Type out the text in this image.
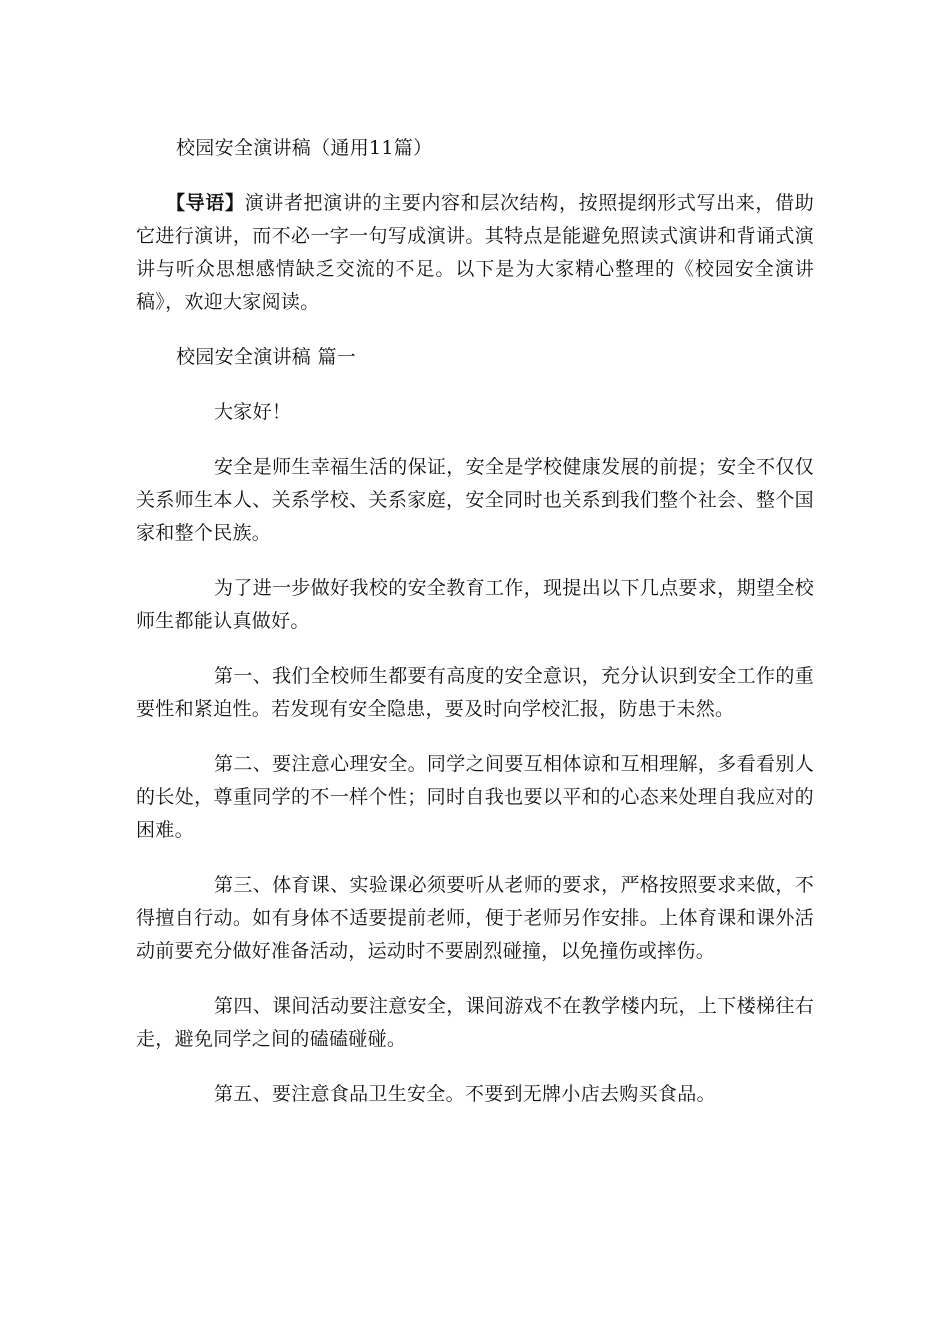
校园安全演讲稿（通用11篇）

【导语】演讲者把演讲的主要内容和层次结构，按照提纲形式写出来，借助它进行演讲，而不必一字一句写成演讲。其特点是能避免照读式演讲和背诵式演讲与听众思想感情缺乏交流的不足。以下是为大家精心整理的《校园安全演讲稿》，欢迎大家阅读。

校园安全演讲稿 篇一

大家好！

安全是师生幸福生活的保证，安全是学校健康发展的前提；安全不仅仅关系师生本人、关系学校、关系家庭，安全同时也关系到我们整个社会、整个国家和整个民族。

为了进一步做好我校的安全教育工作，现提出以下几点要求，期望全校师生都能认真做好。

第一、我们全校师生都要有高度的安全意识，充分认识到安全工作的重要性和紧迫性。若发现有安全隐患，要及时向学校汇报，防患于未然。

第二、要注意心理安全。同学之间要互相体谅和互相理解，多看看别人的长处，尊重同学的不一样个性；同时自我也要以平和的心态来处理自我应对的困难。

第三、体育课、实验课必须要听从老师的要求，严格按照要求来做，不得擅自行动。如有身体不适要提前老师，便于老师另作安排。上体育课和课外活动前要充分做好准备活动，运动时不要剧烈碰撞，以免撞伤或摔伤。

第四、课间活动要注意安全，课间游戏不在教学楼内玩，上下楼梯往右走，避免同学之间的磕磕碰碰。

第五、要注意食品卫生安全。不要到无牌小店去购买食品。
